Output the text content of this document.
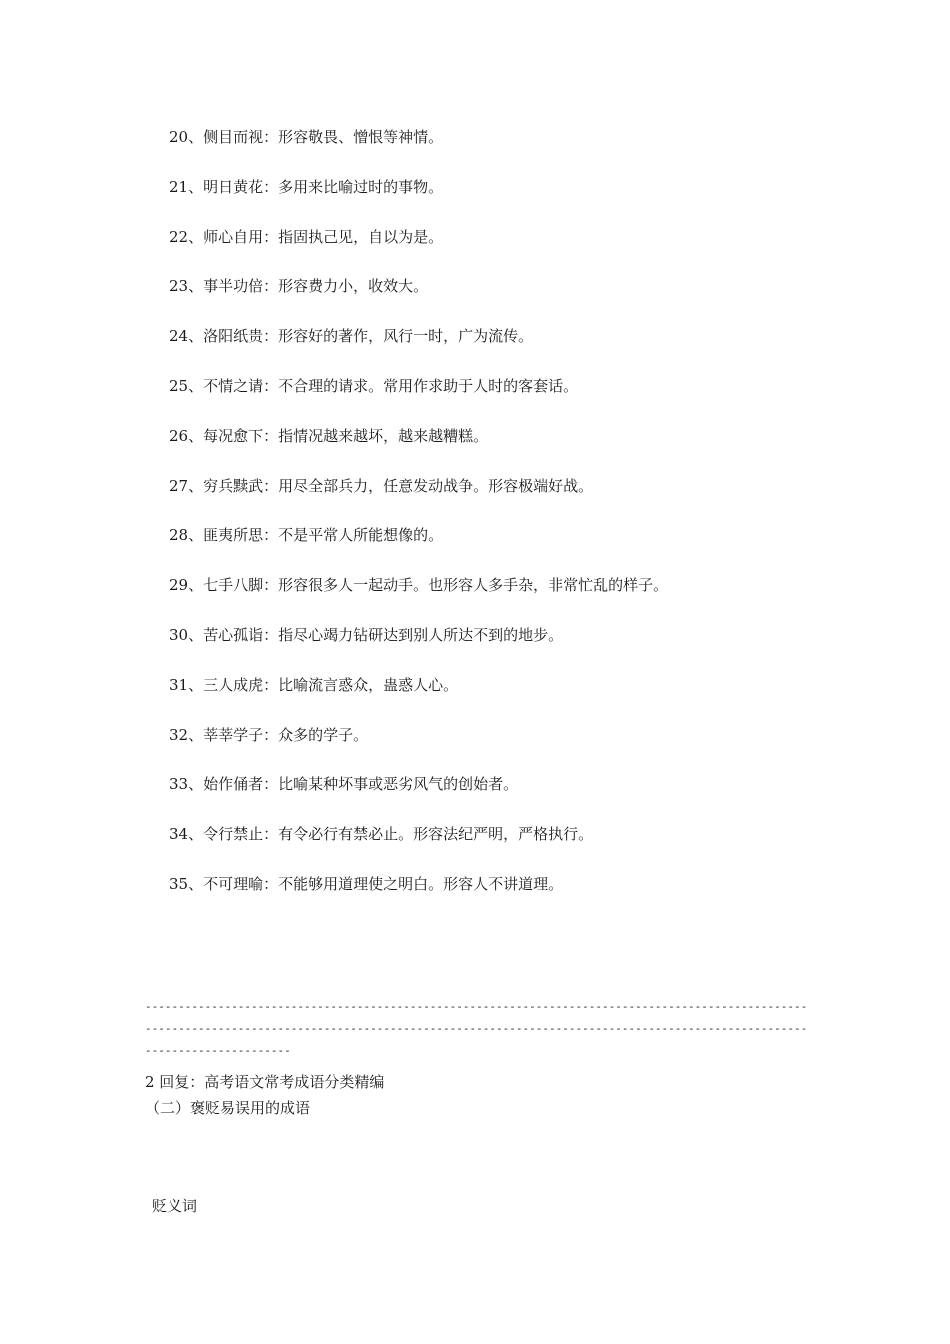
20、侧目而视：形容敬畏、憎恨等神情。
21、明日黄花：多用来比喻过时的事物。
22、师心自用：指固执己见，自以为是。
23、事半功倍：形容费力小，收效大。
24、洛阳纸贵：形容好的著作，风行一时，广为流传。
25、不情之请：不合理的请求。常用作求助于人时的客套话。
26、每况愈下：指情况越来越坏，越来越糟糕。
27、穷兵黩武：用尽全部兵力，任意发动战争。形容极端好战。
28、匪夷所思：不是平常人所能想像的。
29、七手八脚：形容很多人一起动手。也形容人多手杂，非常忙乱的样子。
30、苦心孤诣：指尽心竭力钻研达到别人所达不到的地步。
31、三人成虎：比喻流言惑众，蛊惑人心。
32、莘莘学子：众多的学子。
33、始作俑者：比喻某种坏事或恶劣风气的创始者。
34、令行禁止：有令必行有禁必止。形容法纪严明，严格执行。
35、不可理喻：不能够用道理使之明白。形容人不讲道理。
------------------------------------------------------------------------------------------------------------------------------------------------------------------------------------------------------------------------------
2 回复：高考语文常考成语分类精编
（二）褒贬易误用的成语
贬义词
